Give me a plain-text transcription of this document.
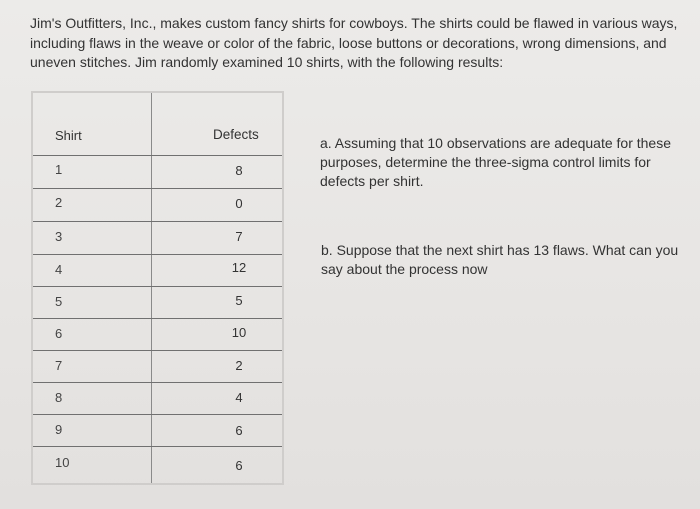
Jim's Outfitters, Inc., makes custom fancy shirts for cowboys. The shirts could be flawed in various ways, including flaws in the weave or color of the fabric, loose buttons or decorations, wrong dimensions, and uneven stitches. Jim randomly examined 10 shirts, with the following results:

Shirt	Defects
1	8
2	0
3	7
4	12
5	5
6	10
7	2
8	4
9	6
10	6

a. Assuming that 10 observations are adequate for these purposes, determine the three-sigma control limits for defects per shirt.

b. Suppose that the next shirt has 13 flaws. What can you say about the process now
